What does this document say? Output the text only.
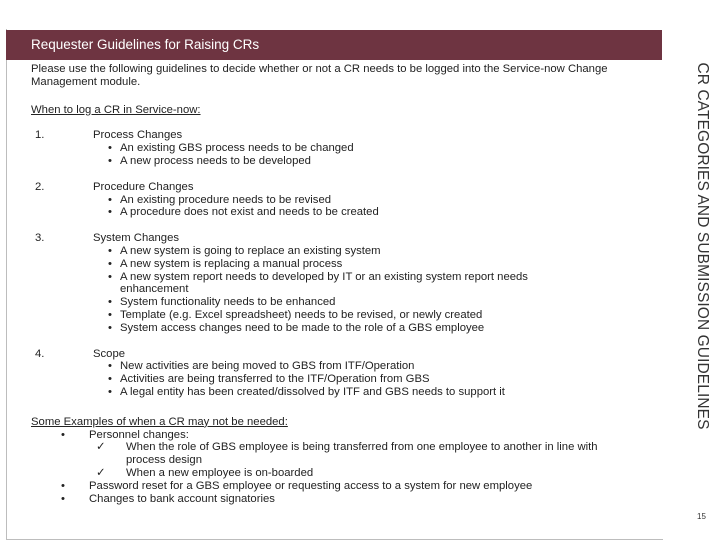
Requester Guidelines for Raising CRs

Please use the following guidelines to decide whether or not a CR needs to be logged into the Service-now Change Management module.

When to log a CR in Service-now:

1.	Process Changes
• An existing GBS process needs to be changed
• A new process needs to be developed
2.	Procedure Changes
• An existing procedure needs to be revised
• A procedure does not exist and needs to be created
3.	System Changes
• A new system is going to replace an existing system
• A new system is replacing a manual process
• A new system report needs to developed by IT or an existing system report needs enhancement
• System functionality needs to be enhanced
• Template (e.g. Excel spreadsheet) needs to be revised, or newly created
• System access changes need to be made to the role of a GBS employee
4.	Scope
• New activities are being moved to GBS from ITF/Operation
• Activities are being transferred to the ITF/Operation from GBS
• A legal entity has been created/dissolved by ITF and GBS needs to support it

Some Examples of when a CR may not be needed:

• Personnel changes:
✓ When the role of GBS employee is being transferred from one employee to another in line with process design
✓ When a new employee is on-boarded
• Password reset for a GBS employee or requesting access to a system for new employee
• Changes to bank account signatories
CR CATEGORIES AND SUBMISSION GUIDELINES
15
